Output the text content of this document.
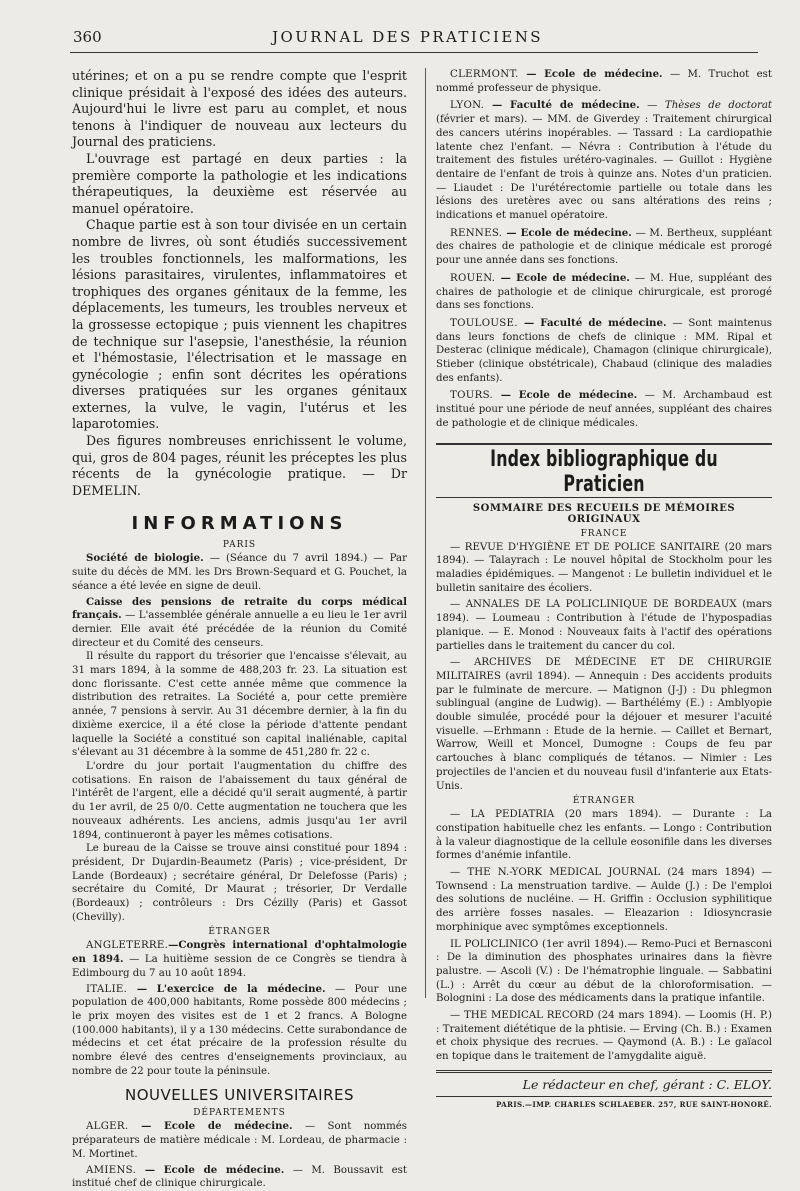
360	JOURNAL DES PRATICIENS

utérines; et on a pu se rendre compte que l'esprit clinique présidait à l'exposé des idées des auteurs. Aujourd'hui le livre est paru au complet, et nous tenons à l'indiquer de nouveau aux lecteurs du Journal des praticiens.

L'ouvrage est partagé en deux parties : la première comporte la pathologie et les indications thérapeutiques, la deuxième est réservée au manuel opératoire.

Chaque partie est à son tour divisée en un certain nombre de livres, où sont étudiés successivement les troubles fonctionnels, les malformations, les lésions parasitaires, virulentes, inflammatoires et trophiques des organes génitaux de la femme, les déplacements, les tumeurs, les troubles nerveux et la grossesse ectopique ; puis viennent les chapitres de technique sur l'asepsie, l'anesthésie, la réunion et l'hémostasie, l'électrisation et le massage en gynécologie ; enfin sont décrites les opérations diverses pratiquées sur les organes génitaux externes, la vulve, le vagin, l'utérus et les laparotomies.

Des figures nombreuses enrichissent le volume, qui, gros de 804 pages, réunit les préceptes les plus récents de la gynécologie pratique. — Dr DEMELIN.

INFORMATIONS
PARIS

Société de biologie. — (Séance du 7 avril 1894.) — Par suite du décès de MM. les Drs Brown-Sequard et G. Pouchet, la séance a été levée en signe de deuil.

Caisse des pensions de retraite du corps médical français. — L'assemblée générale annuelle a eu lieu le 1er avril dernier. Elle avait été précédée de la réunion du Comité directeur et du Comité des censeurs.

Il résulte du rapport du trésorier que l'encaisse s'élevait, au 31 mars 1894, à la somme de 488,203 fr. 23. La situation est donc florissante. C'est cette année même que commence la distribution des retraites. La Société a, pour cette première année, 7 pensions à servir. Au 31 décembre dernier, à la fin du dixième exercice, il a été close la période d'attente pendant laquelle la Société a constitué son capital inaliénable, capital s'élevant au 31 décembre à la somme de 451,280 fr. 22 c.

L'ordre du jour portait l'augmentation du chiffre des cotisations. En raison de l'abaissement du taux général de l'intérêt de l'argent, elle a décidé qu'il serait augmenté, à partir du 1er avril, de 25 0/0. Cette augmentation ne touchera que les nouveaux adhérents. Les anciens, admis jusqu'au 1er avril 1894, continueront à payer les mêmes cotisations.

Le bureau de la Caisse se trouve ainsi constitué pour 1894 : président, Dr Dujardin-Beaumetz (Paris) ; vice-président, Dr Lande (Bordeaux) ; secrétaire général, Dr Delefosse (Paris) ; secrétaire du Comité, Dr Maurat ; trésorier, Dr Verdalle (Bordeaux) ; contrôleurs : Drs Cézilly (Paris) et Gassot (Chevilly).

ÉTRANGER

ANGLETERRE.—Congrès international d'ophtalmologie en 1894. — La huitième session de ce Congrès se tiendra à Edimbourg du 7 au 10 août 1894.

ITALIE. — L'exercice de la médecine. — Pour une population de 400,000 habitants, Rome possède 800 médecins ; le prix moyen des visites est de 1 et 2 francs. A Bologne (100.000 habitants), il y a 130 médecins. Cette surabondance de médecins et cet état précaire de la profession résulte du nombre élevé des centres d'enseignements provinciaux, au nombre de 22 pour toute la péninsule.

NOUVELLES UNIVERSITAIRES
DÉPARTEMENTS

ALGER. — Ecole de médecine. — Sont nommés préparateurs de matière médicale : M. Lordeau, de pharmacie : M. Mortinet.

AMIENS. — Ecole de médecine. — M. Boussavit est institué chef de clinique chirurgicale.

CLERMONT. — Ecole de médecine. — M. Truchot est nommé professeur de physique.

LYON. — Faculté de médecine. — Thèses de doctorat (février et mars). — MM. de Giverdey : Traitement chirurgical des cancers utérins inopérables. — Tassard : La cardiopathie latente chez l'enfant. — Névra : Contribution à l'étude du traitement des fistules urétéro-vaginales. — Guillot : Hygiène dentaire de l'enfant de trois à quinze ans. Notes d'un praticien. — Liaudet : De l'urétérectomie partielle ou totale dans les lésions des uretères avec ou sans altérations des reins ; indications et manuel opératoire.

RENNES. — Ecole de médecine. — M. Bertheux, suppléant des chaires de pathologie et de clinique médicale est prorogé pour une année dans ses fonctions.

ROUEN. — Ecole de médecine. — M. Hue, suppléant des chaires de pathologie et de clinique chirurgicale, est prorogé dans ses fonctions.

TOULOUSE. — Faculté de médecine. — Sont maintenus dans leurs fonctions de chefs de clinique : MM. Ripal et Desterac (clinique médicale), Chamagon (clinique chirurgicale), Stieber (clinique obstétricale), Chabaud (clinique des maladies des enfants).

TOURS. — Ecole de médecine. — M. Archambaud est institué pour une période de neuf années, suppléant des chaires de pathologie et de clinique médicales.

Index bibliographique du Praticien
SOMMAIRE DES RECUEILS DE MÉMOIRES ORIGINAUX
FRANCE

— REVUE D'HYGIÈNE ET DE POLICE SANITAIRE (20 mars 1894). — Talayrach : Le nouvel hôpital de Stockholm pour les maladies épidémiques. — Mangenot : Le bulletin individuel et le bulletin sanitaire des écoliers.

— ANNALES DE LA POLICLINIQUE DE BORDEAUX (mars 1894). — Loumeau : Contribution à l'étude de l'hypospadias planique. — E. Monod : Nouveaux faits à l'actif des opérations partielles dans le traitement du cancer du col.

— ARCHIVES DE MÉDECINE ET DE CHIRURGIE MILITAIRES (avril 1894). — Annequin : Des accidents produits par le fulminate de mercure. — Matignon (J-J) : Du phlegmon sublingual (angine de Ludwig). — Barthélémy (E.) : Amblyopie double simulée, procédé pour la déjouer et mesurer l'acuité visuelle. —Erhmann : Etude de la hernie. — Caillet et Bernart, Warrow, Weill et Moncel, Dumogne : Coups de feu par cartouches à blanc compliqués de tétanos. — Nimier : Les projectiles de l'ancien et du nouveau fusil d'infanterie aux Etats-Unis.

ÉTRANGER

— LA PEDIATRIA (20 mars 1894). — Durante : La constipation habituelle chez les enfants. — Longo : Contribution à la valeur diagnostique de la cellule eosonifile dans les diverses formes d'anémie infantile.

— THE N.-YORK MEDICAL JOURNAL (24 mars 1894) — Townsend : La menstruation tardive. — Aulde (J.) : De l'emploi des solutions de nucléine. — H. Griffin : Occlusion syphilitique des arrière fosses nasales. — Eleazarion : Idiosyncrasie morphinique avec symptômes exceptionnels.

IL POLICLINICO (1er avril 1894).— Remo-Puci et Bernasconi : De la diminution des phosphates urinaires dans la fièvre palustre. — Ascoli (V.) : De l'hématrophie linguale. — Sabbatini (L.) : Arrêt du cœur au début de la chloroformisation. — Bolognini : La dose des médicaments dans la pratique infantile.

— THE MEDICAL RECORD (24 mars 1894). — Loomis (H. P.) : Traitement diététique de la phtisie. — Erving (Ch. B.) : Examen et choix physique des recrues. — Qaymond (A. B.) : Le gaïacol en topique dans le traitement de l'amygdalite aiguë.

Le rédacteur en chef, gérant : C. ELOY.
PARIS.—IMP. CHARLES SCHLAEBER. 257, RUE SAINT-HONORÉ.
